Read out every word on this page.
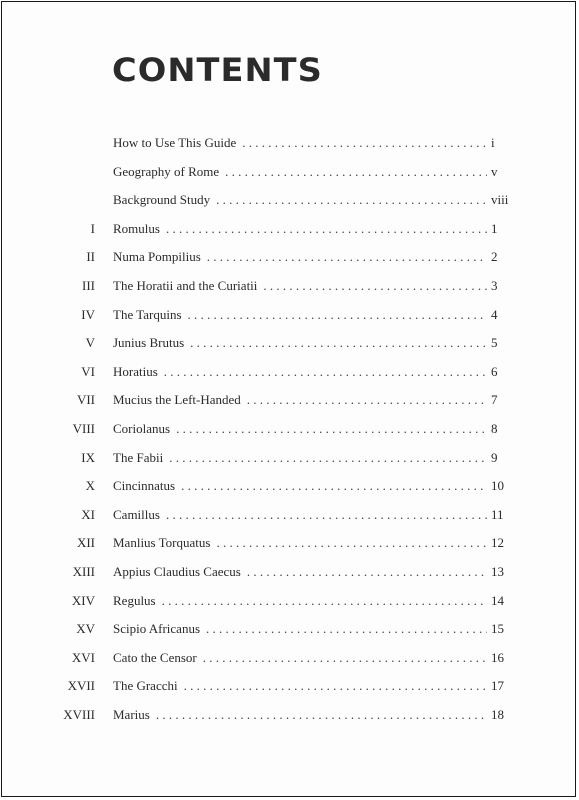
CONTENTS
How to Use This Guide . . .	i
Geography of Rome . . .	v
Background Study . . .	viii
I Romulus . . .	1
II Numa Pompilius . . .	2
III The Horatii and the Curiatii . . .	3
IV The Tarquins . . .	4
V Junius Brutus . . .	5
VI Horatius . . .	6
VII Mucius the Left-Handed . . .	7
VIII Coriolanus . . .	8
IX The Fabii . . .	9
X Cincinnatus . . .	10
XI Camillus . . .	11
XII Manlius Torquatus . . .	12
XIII Appius Claudius Caecus . . .	13
XIV Regulus . . .	14
XV Scipio Africanus . . .	15
XVI Cato the Censor . . .	16
XVII The Gracchi . . .	17
XVIII Marius . . .	18
